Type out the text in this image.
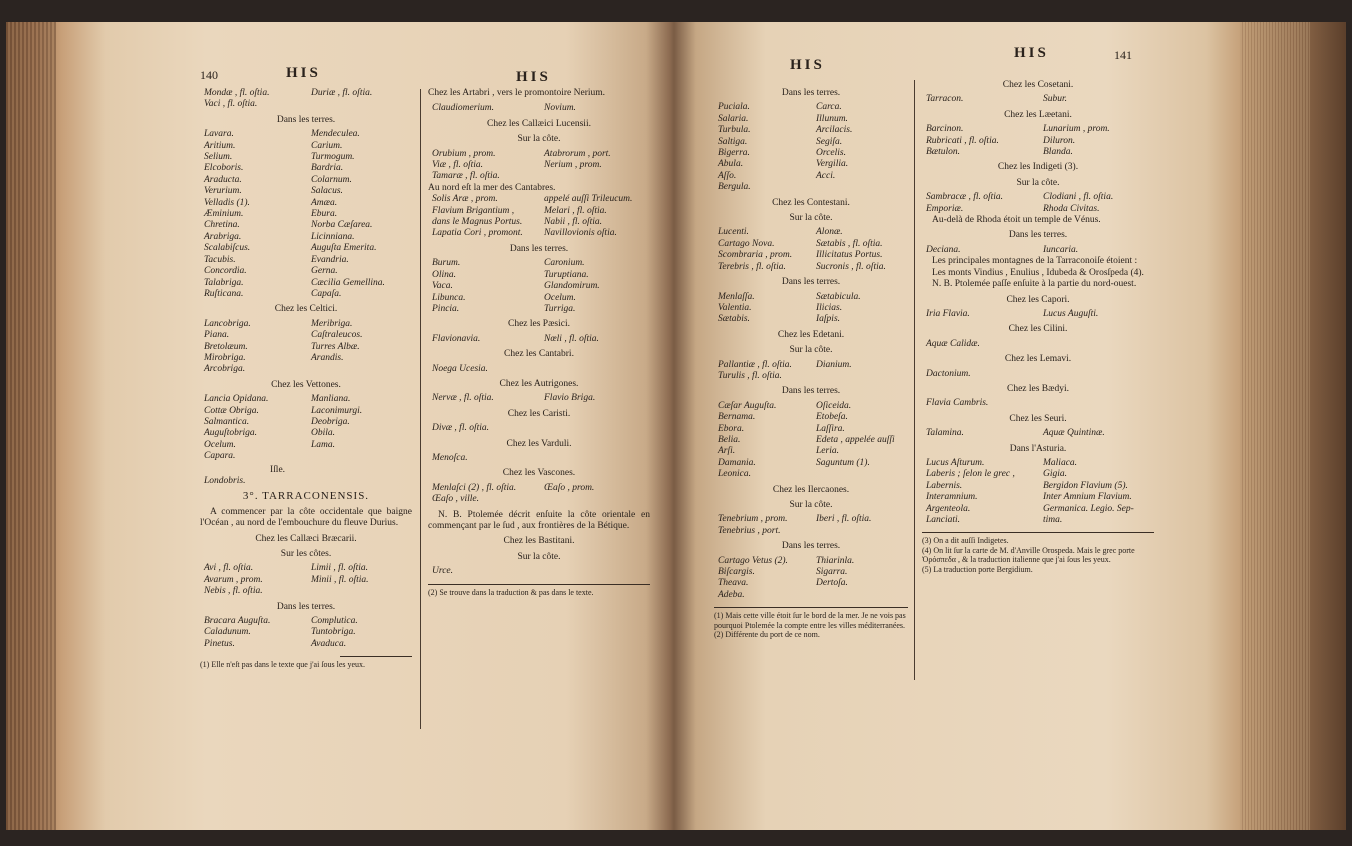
140	HIS	HIS
Mondæ , fl. oſtia.	Duriæ , fl. oſtia.
Vaci , fl. oſtia.
Dans les terres.
Lavara.	Mendeculea.
Aritium.	Carium.
Selium.	Turmogum.
Elcoboris.	Bardria.
Araducta.	Colarnum.
Verurium.	Salacus.
Velladis (1).	Amæa.
Æminium.	Ebura.
Chretina.	Norba Cæſarea.
Arabriga.	Licinniana.
Scalabiſcus.	Auguſta Emerita.
Tacubis.	Evandria.
Concordia.	Gerna.
Talabriga.	Cæcilia Gemellina.
Ruſticana.	Capaſa.
Chez les Celtici.
Lancobriga.	Meribriga.
Piana.	Caſtraleucos.
Bretolæum.	Turres Albæ.
Mirobriga.	Arandis.
Arcobriga.
Chez les Vettones.
Lancia Opidana.	Manliana.
Cottæ Obriga.	Laconimurgi.
Salmantica.	Deobriga.
Auguſtobriga.	Obila.
Ocelum.	Lama.
Capara.
Iſle.
Londobris.
3°. TARRACONENSIS.
A commencer par la côte occidentale que baigne l'Océan , au nord de l'embouchure du fleuve Durius.
Chez les Callæci Bræcarii.
Sur les côtes.
Avi , fl. oſtia.	Limii , fl. oſtia.
Avarum , prom.	Minii , fl. oſtia.
Nebis , fl. oſtia.
Dans les terres.
Bracara Auguſta.	Complutica.
Caladunum.	Tuntobriga.
Pinetus.	Avaduca.
(1) Elle n'eſt pas dans le texte que j'ai ſous les yeux.
Chez les Artabri , vers le promontoire Nerium.
Claudiomerium.	Novium.
Chez les Callæici Lucensii.
Sur la côte.
Orubium , prom.	Atabrorum , port.
Viæ , fl. oſtia.	Nerium , prom.
Tamaræ , fl. oſtia.
Au nord eſt la mer des Cantabres.
Solis Aræ , prom.	appelé auſſi Trileucum.
Flavium Brigantium ,	Melari , fl. oſtia.
dans le Magnus Portus.	Nabii , fl. oſtia.
Lapatia Cori , promont.	Navillovionis oſtia.
Dans les terres.
Burum.	Caronium.
Olina.	Turuptiana.
Vaca.	Glandomirum.
Libunca.	Ocelum.
Pincia.	Turriga.
Chez les Pæsici.
Flavionavia.	Nœli , fl. oſtia.
Chez les Cantabri.
Noega Ucesia.
Chez les Autrigones.
Nervæ , fl. oſtia.	Flavio Briga.
Chez les Caristi.
Divæ , fl. oſtia.
Chez les Varduli.
Menoſca.
Chez les Vascones.
Menlaſci (2) , fl. oſtia.	Œaſo , prom.
Œaſo , ville.
N. B. Ptolemée décrit enſuite la côte orientale en commençant par le ſud , aux frontières de la Bétique.
Chez les Bastitani.
Sur la côte.
Urce.
(2) Se trouve dans la traduction & pas dans le texte.
HIS
HIS	141
Dans les terres.
Puciala.	Carca.
Salaria.	Illunum.
Turbula.	Arcilacis.
Saltiga.	Segiſa.
Bigerra.	Orcelis.
Abula.	Vergilia.
Aſſo.	Acci.
Bergula.
Chez les Contestani.
Sur la côte.
Lucenti.	Alonæ.
Cartago Nova.	Sætabis , fl. oſtia.
Scombraria , prom.	Illicitatus Portus.
Terebris , fl. oſtia.	Sucronis , fl. oſtia.
Dans les terres.
Menlaſſa.	Sætabicula.
Valentia.	Ilicias.
Sætabis.	Iaſpis.
Chez les Edetani.
Sur la côte.
Pallantiæ , fl. oſtia.	Dianium.
Turulis , fl. oſtia.
Dans les terres.
Cæſar Auguſta.	Oſiceida.
Bernama.	Etobeſa.
Ebora.	Laſſira.
Belia.	Edeta , appelée auſſi
Arſi.	Leria.
Damania.	Saguntum (1).
Leonica.
Chez les Ilercaones.
Sur la côte.
Tenebrium , prom.	Iberi , fl. oſtia.
Tenebrius , port.
Dans les terres.
Cartago Vetus (2).	Thiarinla.
Biſcargis.	Sigarra.
Theava.	Dertoſa.
Adeba.
(1) Mais cette ville étoit ſur le bord de la mer. Je ne vois pas pourquoi Ptolemée la compte entre les villes méditerranées.
(2) Différente du port de ce nom.
Chez les Cosetani.
Tarracon.	Subur.
Chez les Læetani.
Barcinon.	Lunarium , prom.
Rubricati , fl. oſtia.	Diluron.
Bætulon.	Blanda.
Chez les Indigeti (3).
Sur la côte.
Sambracæ , fl. oſtia.	Clodiani , fl. oſtia.
Emporiæ.	Rhoda Civitas.
Au-delà de Rhoda étoit un temple de Vénus.
Dans les terres.
Deciana.	Iuncaria.
Les principales montagnes de la Tarraconoiſe étoient :
Les monts Vindius , Enulius , Idubeda & Orosſpeda (4).
N. B. Ptolemée paſſe enſuite à la partie du nord-ouest.
Chez les Capori.
Iria Flavia.	Lucus Auguſti.
Chez les Cilini.
Aquæ Calidæ.
Chez les Lemavi.
Dactonium.
Chez les Bædyi.
Flavia Cambris.
Chez les Seuri.
Talamina.	Aquæ Quintinæ.
Dans l'Asturia.
Lucus Aſturum.	Maliaca.
Laberis ; ſelon le grec ,	Gigia.
Labernis.	Bergidon Flavium (5).
Interamnium.	Inter Amnium Flavium.
Argenteola.	Germanica. Legio. Sep-
Lanciati.	tima.
(3) On a dit auſſi Indigetes.
(4) On lit ſur la carte de M. d'Anville Orospeda. Mais le grec porte Ὀρόσπεδα , & la traduction italienne que j'ai ſous les yeux.
(5) La traduction porte Bergidium.
